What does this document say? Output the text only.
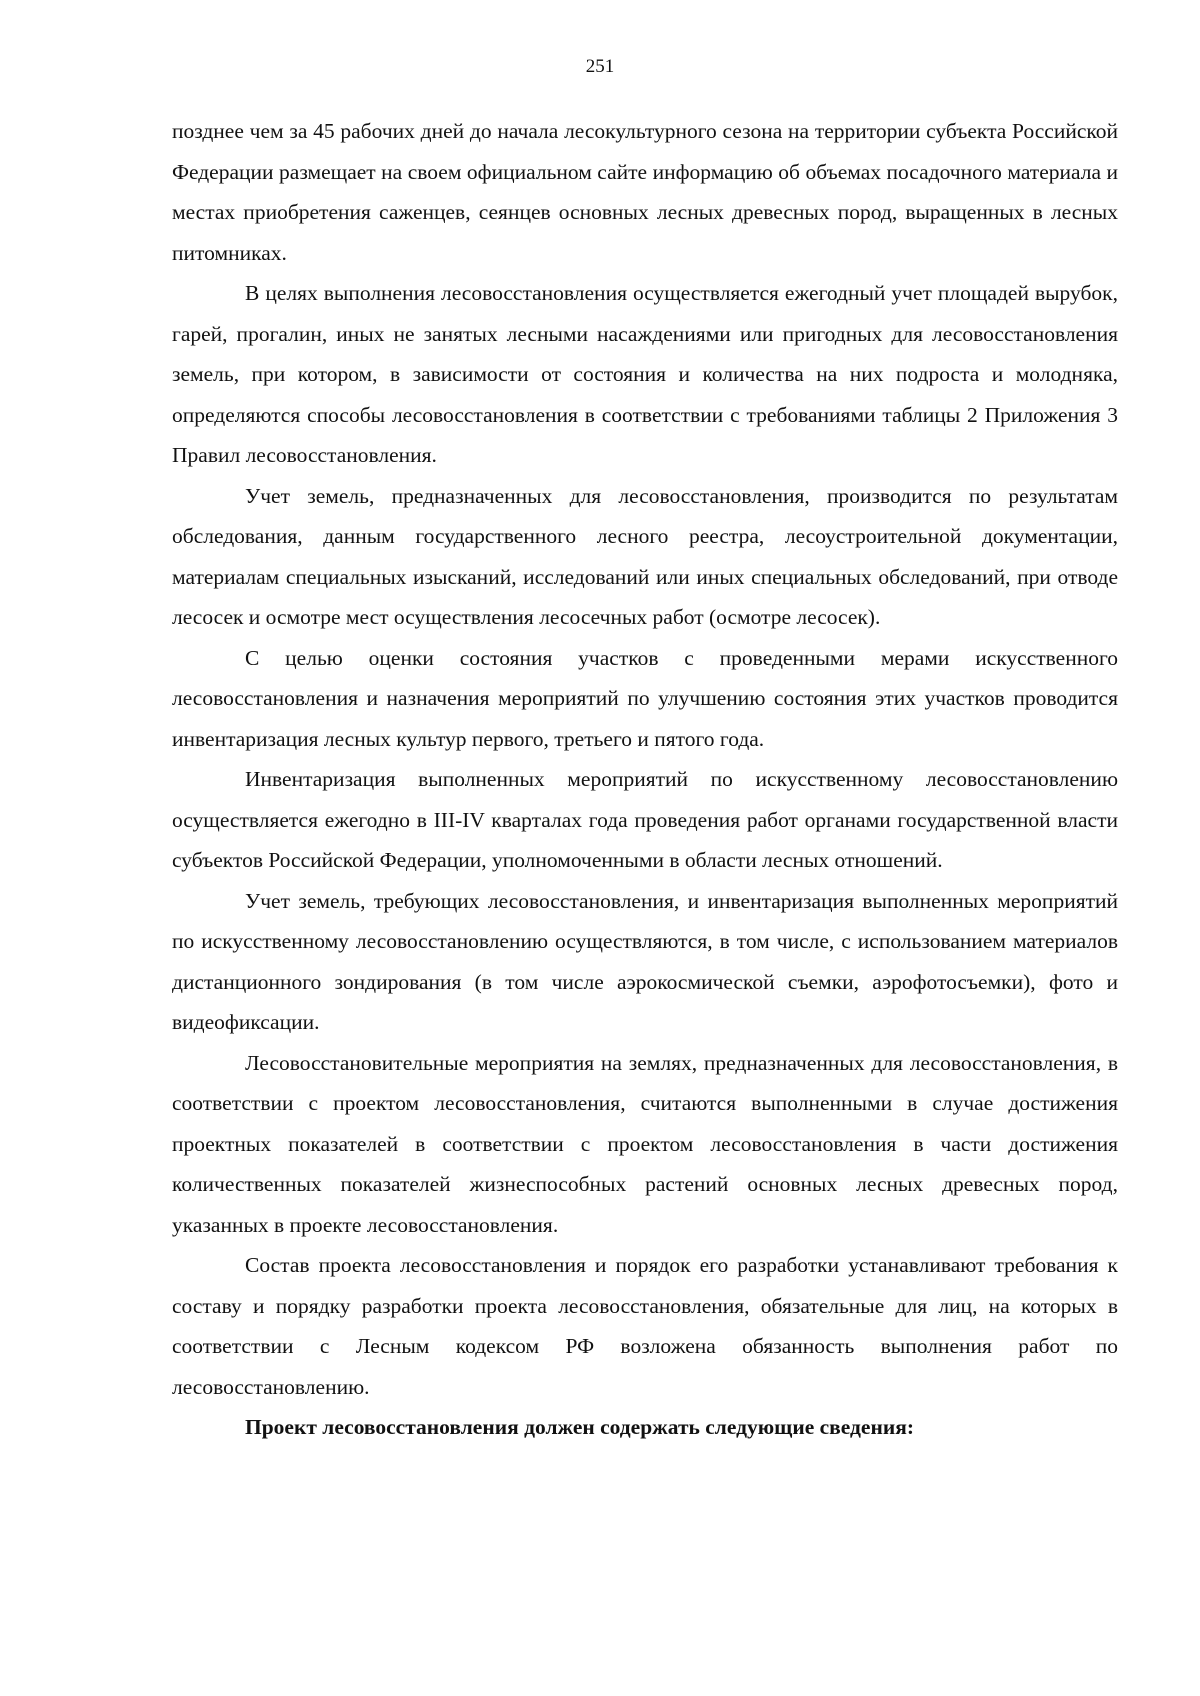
251

позднее чем за 45 рабочих дней до начала лесокультурного сезона на территории субъекта Российской Федерации размещает на своем официальном сайте информацию об объемах посадочного материала и местах приобретения саженцев, сеянцев основных лесных древесных пород, выращенных в лесных питомниках.

В целях выполнения лесовосстановления осуществляется ежегодный учет площадей вырубок, гарей, прогалин, иных не занятых лесными насаждениями или пригодных для лесовосстановления земель, при котором, в зависимости от состояния и количества на них подроста и молодняка, определяются способы лесовосстановления в соответствии с требованиями таблицы 2 Приложения 3 Правил лесовосстановления.

Учет земель, предназначенных для лесовосстановления, производится по результатам обследования, данным государственного лесного реестра, лесоустроительной документации, материалам специальных изысканий, исследований или иных специальных обследований, при отводе лесосек и осмотре мест осуществления лесосечных работ (осмотре лесосек).

С целью оценки состояния участков с проведенными мерами искусственного лесовосстановления и назначения мероприятий по улучшению состояния этих участков проводится инвентаризация лесных культур первого, третьего и пятого года.

Инвентаризация выполненных мероприятий по искусственному лесовосстановлению осуществляется ежегодно в III-IV кварталах года проведения работ органами государственной власти субъектов Российской Федерации, уполномоченными в области лесных отношений.

Учет земель, требующих лесовосстановления, и инвентаризация выполненных мероприятий по искусственному лесовосстановлению осуществляются, в том числе, с использованием материалов дистанционного зондирования (в том числе аэрокосмической съемки, аэрофотосъемки), фото и видеофиксации.

Лесовосстановительные мероприятия на землях, предназначенных для лесовосстановления, в соответствии с проектом лесовосстановления, считаются выполненными в случае достижения проектных показателей в соответствии с проектом лесовосстановления в части достижения количественных показателей жизнеспособных растений основных лесных древесных пород, указанных в проекте лесовосстановления.

Состав проекта лесовосстановления и порядок его разработки устанавливают требования к составу и порядку разработки проекта лесовосстановления, обязательные для лиц, на которых в соответствии с Лесным кодексом РФ возложена обязанность выполнения работ по лесовосстановлению.

Проект лесовосстановления должен содержать следующие сведения:
